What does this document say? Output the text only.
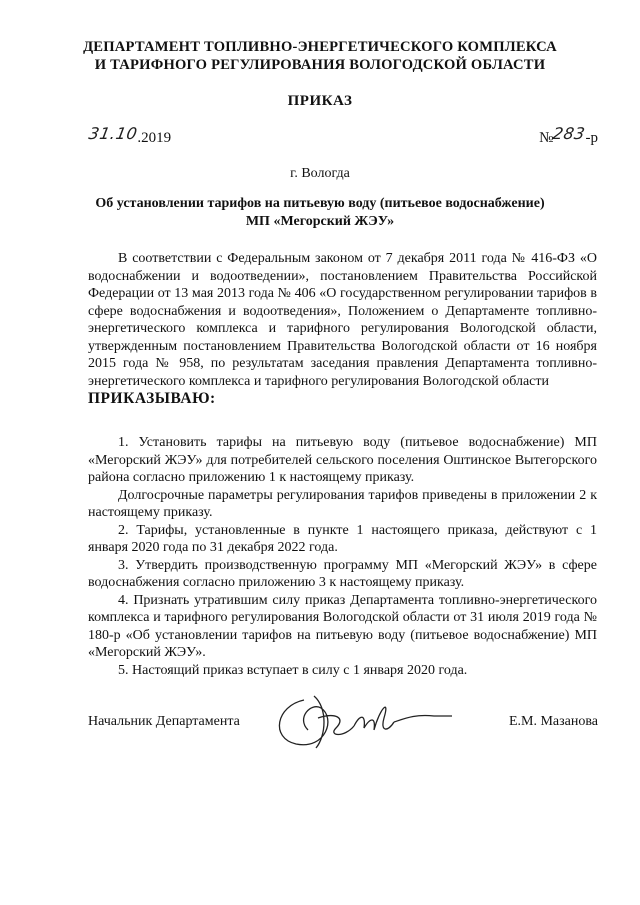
ДЕПАРТАМЕНТ ТОПЛИВНО-ЭНЕРГЕТИЧЕСКОГО КОМПЛЕКСА
И ТАРИФНОГО РЕГУЛИРОВАНИЯ ВОЛОГОДСКОЙ ОБЛАСТИ
ПРИКАЗ
31.10.2019	№283-р
г. Вологда
Об установлении тарифов на питьевую воду (питьевое водоснабжение)
МП «Мегорский ЖЭУ»

В соответствии с Федеральным законом от 7 декабря 2011 года № 416-ФЗ «О водоснабжении и водоотведении», постановлением Правительства Российской Федерации от 13 мая 2013 года № 406 «О государственном регулировании тарифов в сфере водоснабжения и водоотведения», Положением о Департаменте топливно-энергетического комплекса и тарифного регулирования Вологодской области, утвержденным постановлением Правительства Вологодской области от 16 ноября 2015 года № 958, по результатам заседания правления Департамента топливно-энергетического комплекса и тарифного регулирования Вологодской области

ПРИКАЗЫВАЮ:

1. Установить тарифы на питьевую воду (питьевое водоснабжение) МП «Мегорский ЖЭУ» для потребителей сельского поселения Оштинское Вытегорского района согласно приложению 1 к настоящему приказу.

Долгосрочные параметры регулирования тарифов приведены в приложении 2 к настоящему приказу.

2. Тарифы, установленные в пункте 1 настоящего приказа, действуют с 1 января 2020 года по 31 декабря 2022 года.

3. Утвердить производственную программу МП «Мегорский ЖЭУ» в сфере водоснабжения согласно приложению 3 к настоящему приказу.

4. Признать утратившим силу приказ Департамента топливно-энергетического комплекса и тарифного регулирования Вологодской области от 31 июля 2019 года № 180-р «Об установлении тарифов на питьевую воду (питьевое водоснабжение) МП «Мегорский ЖЭУ».

5. Настоящий приказ вступает в силу с 1 января 2020 года.

Начальник Департамента	Е.М. Мазанова
